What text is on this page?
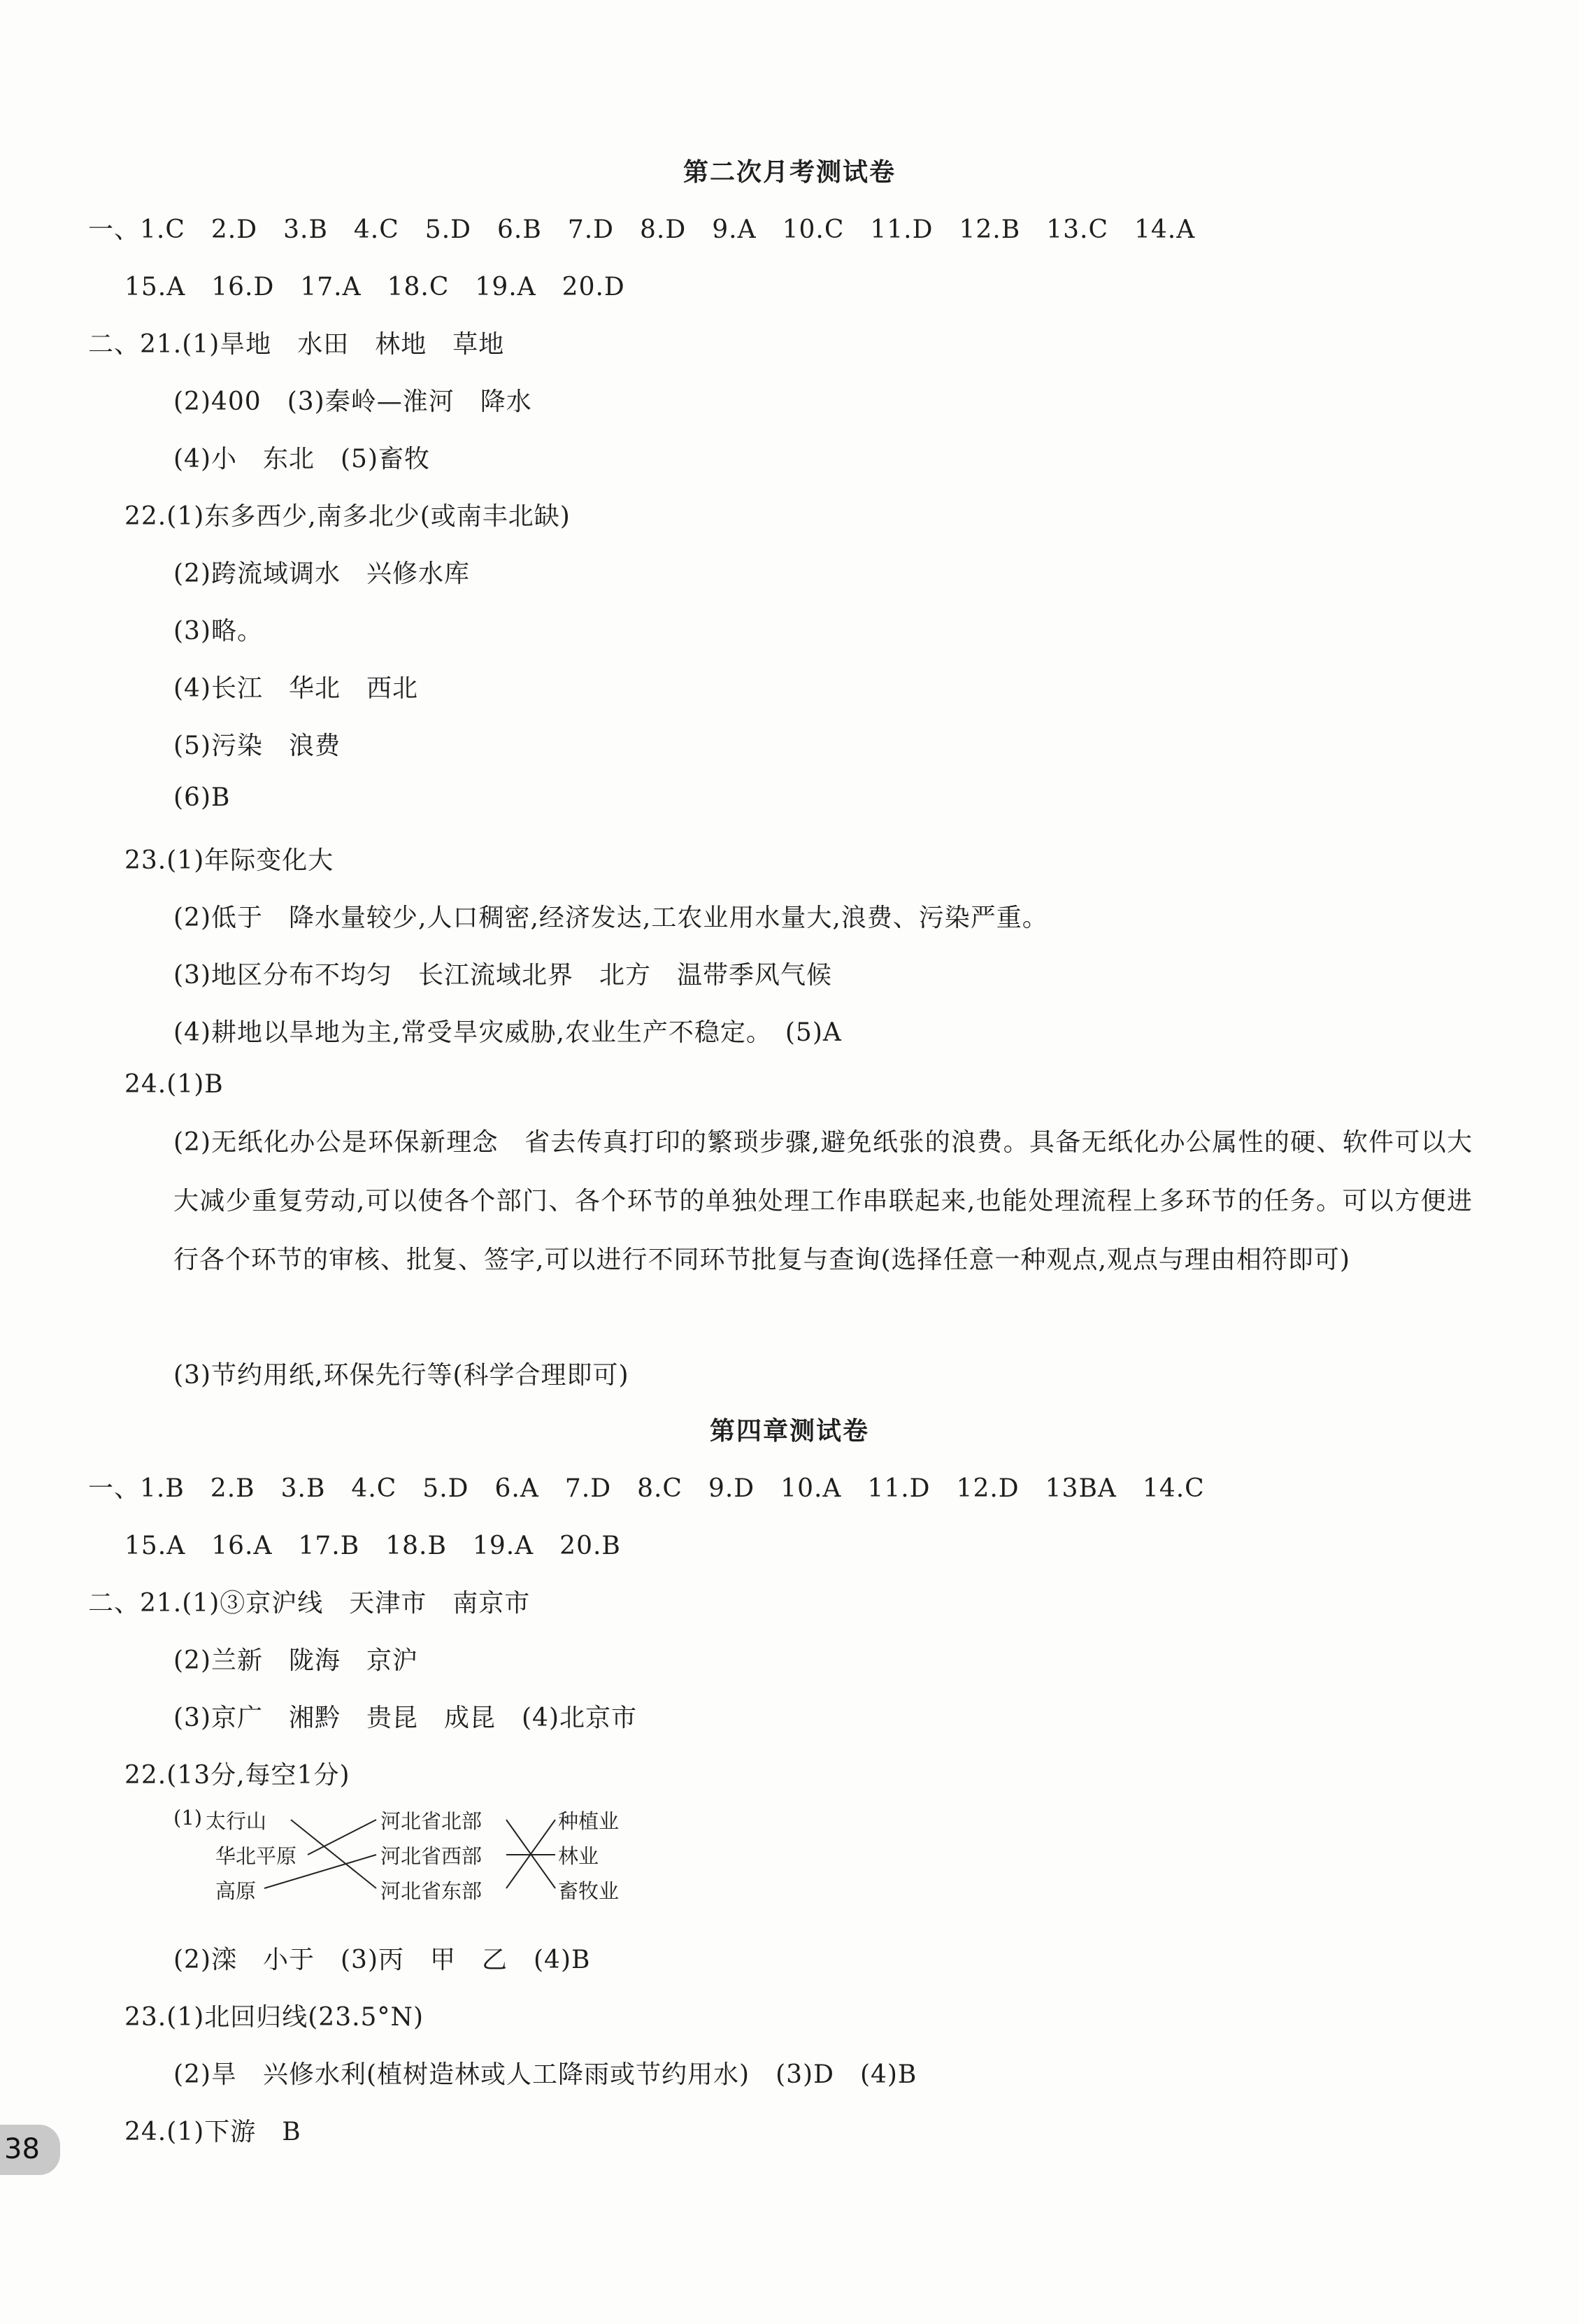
第二次月考测试卷
一、1.C　2.D　3.B　4.C　5.D　6.B　7.D　8.D　9.A　10.C　11.D　12.B　13.C　14.A
15.A　16.D　17.A　18.C　19.A　20.D
二、21.(1)旱地　水田　林地　草地
(2)400　(3)秦岭—淮河　降水
(4)小　东北　(5)畜牧
22.(1)东多西少,南多北少(或南丰北缺)
(2)跨流域调水　兴修水库
(3)略。
(4)长江　华北　西北
(5)污染　浪费
(6)B
23.(1)年际变化大
(2)低于　降水量较少,人口稠密,经济发达,工农业用水量大,浪费、污染严重。
(3)地区分布不均匀　长江流域北界　北方　温带季风气候
(4)耕地以旱地为主,常受旱灾威胁,农业生产不稳定。　(5)A
24.(1)B
(2)无纸化办公是环保新理念　省去传真打印的繁琐步骤,避免纸张的浪费。具备无纸化办公属性的硬、软件可以大大减少重复劳动,可以使各个部门、各个环节的单独处理工作串联起来,也能处理流程上多环节的任务。可以方便进行各个环节的审核、批复、签字,可以进行不同环节批复与查询(选择任意一种观点,观点与理由相符即可)
(3)节约用纸,环保先行等(科学合理即可)
第四章测试卷
一、1.B　2.B　3.B　4.C　5.D　6.A　7.D　8.C　9.D　10.A　11.D　12.D　13BA　14.C
15.A　16.A　17.B　18.B　19.A　20.B
二、21.(1)③京沪线　天津市　南京市
(2)兰新　陇海　京沪
(3)京广　湘黔　贵昆　成昆　(4)北京市
22.(13分,每空1分)
(1) 太行山
华北平原
高原
河北省北部
河北省西部
河北省东部
种植业
林业
畜牧业
(2)滦　小于　(3)丙　甲　乙　(4)B
23.(1)北回归线(23.5°N)
(2)旱　兴修水利(植树造林或人工降雨或节约用水)　(3)D　(4)B
24.(1)下游　B
38
